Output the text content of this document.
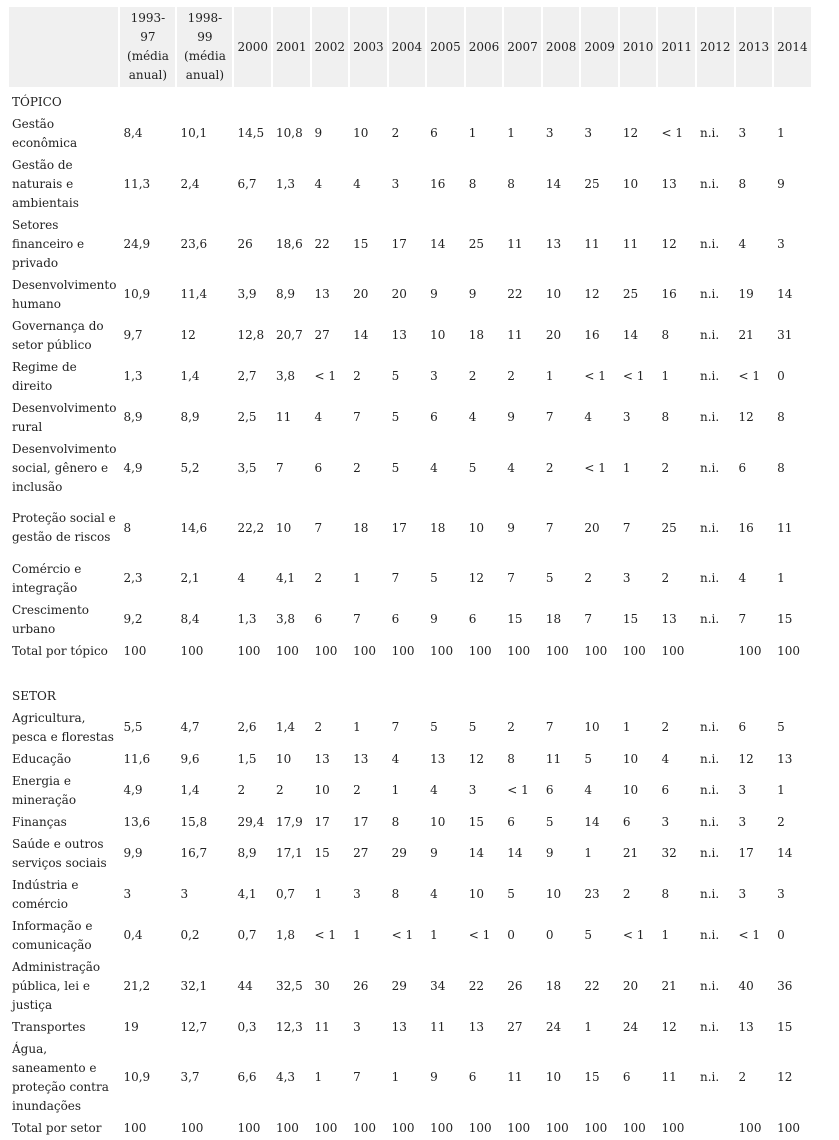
	1993-97
(média
anual)	1998-99
(média
anual)	2000	2001	2002	2003	2004	2005	2006	2007	2008	2009	2010	2011	2012	2013	2014
TÓPICO																	
Gestão econômica	8,4	10,1	14,5	10,8	9	10	2	6	1	1	3	3	12	< 1	n.i.	3	1
Gestão de naturais e ambientais	11,3	2,4	6,7	1,3	4	4	3	16	8	8	14	25	10	13	n.i.	8	9
Setores financeiro e privado	24,9	23,6	26	18,6	22	15	17	14	25	11	13	11	11	12	n.i.	4	3
Desenvolvimento humano	10,9	11,4	3,9	8,9	13	20	20	9	9	22	10	12	25	16	n.i.	19	14
Governança do setor público	9,7	12	12,8	20,7	27	14	13	10	18	11	20	16	14	8	n.i.	21	31
Regime de direito	1,3	1,4	2,7	3,8	< 1	2	5	3	2	2	1	< 1	< 1	1	n.i.	< 1	0
Desenvolvimento rural	8,9	8,9	2,5	11	4	7	5	6	4	9	7	4	3	8	n.i.	12	8
Desenvolvimento social, gênero e inclusão	4,9	5,2	3,5	7	6	2	5	4	5	4	2	< 1	1	2	n.i.	6	8
Proteção social e gestão de riscos	8	14,6	22,2	10	7	18	17	18	10	9	7	20	7	25	n.i.	16	11
Comércio e integração	2,3	2,1	4	4,1	2	1	7	5	12	7	5	2	3	2	n.i.	4	1
Crescimento urbano	9,2	8,4	1,3	3,8	6	7	6	9	6	15	18	7	15	13	n.i.	7	15
Total por tópico	100	100	100	100	100	100	100	100	100	100	100	100	100	100		100	100

SETOR																	
Agricultura, pesca e florestas	5,5	4,7	2,6	1,4	2	1	7	5	5	2	7	10	1	2	n.i.	6	5
Educação	11,6	9,6	1,5	10	13	13	4	13	12	8	11	5	10	4	n.i.	12	13
Energia e mineração	4,9	1,4	2	2	10	2	1	4	3	< 1	6	4	10	6	n.i.	3	1
Finanças	13,6	15,8	29,4	17,9	17	17	8	10	15	6	5	14	6	3	n.i.	3	2
Saúde e outros serviços sociais	9,9	16,7	8,9	17,1	15	27	29	9	14	14	9	1	21	32	n.i.	17	14
Indústria e comércio	3	3	4,1	0,7	1	3	8	4	10	5	10	23	2	8	n.i.	3	3
Informação e comunicação	0,4	0,2	0,7	1,8	< 1	1	< 1	1	< 1	0	0	5	< 1	1	n.i.	< 1	0
Administração pública, lei e justiça	21,2	32,1	44	32,5	30	26	29	34	22	26	18	22	20	21	n.i.	40	36
Transportes	19	12,7	0,3	12,3	11	3	13	11	13	27	24	1	24	12	n.i.	13	15
Água, saneamento e proteção contra inundações	10,9	3,7	6,6	4,3	1	7	1	9	6	11	10	15	6	11	n.i.	2	12
Total por setor	100	100	100	100	100	100	100	100	100	100	100	100	100	100		100	100
